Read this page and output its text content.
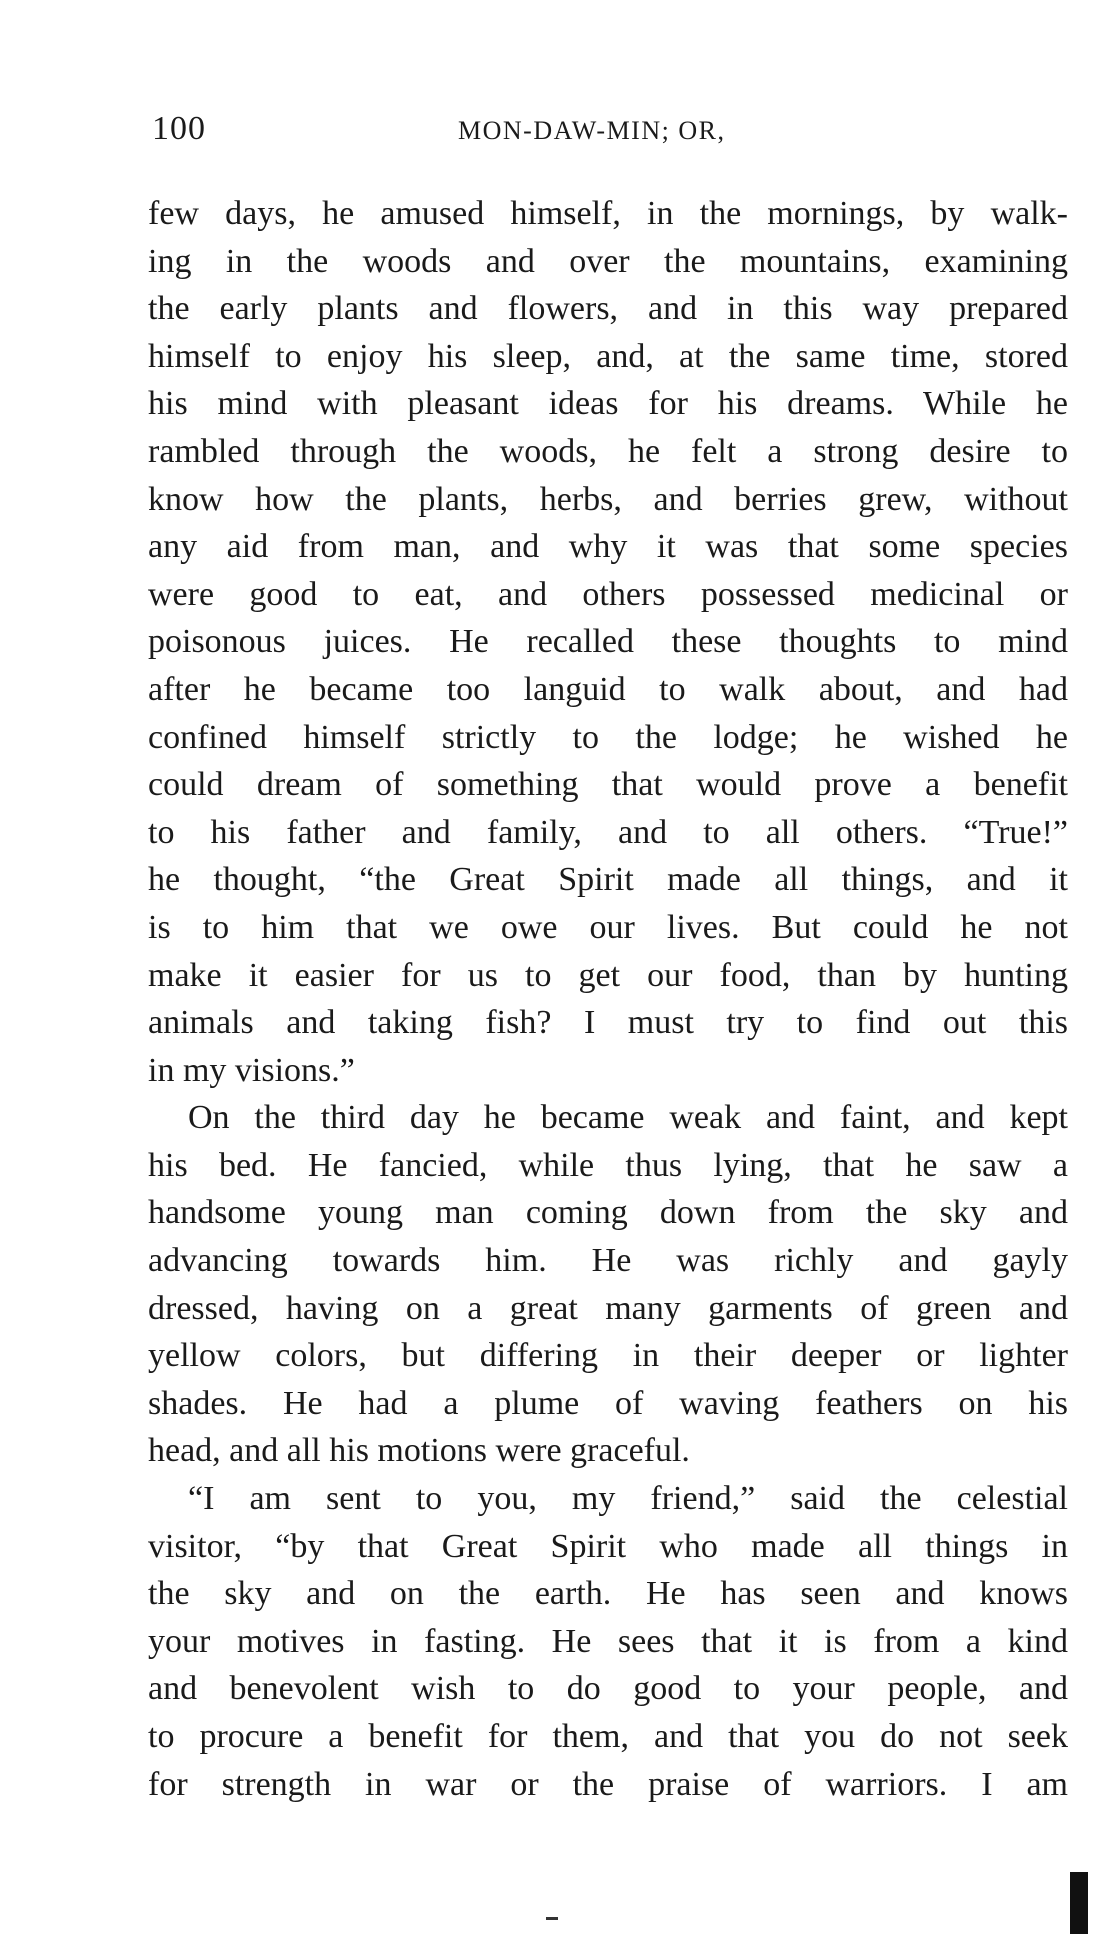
100	MON-DAW-MIN; OR,

few days, he amused himself, in the mornings, by walk-
ing in the woods and over the mountains, examining
the early plants and flowers, and in this way prepared
himself to enjoy his sleep, and, at the same time, stored
his mind with pleasant ideas for his dreams. While he
rambled through the woods, he felt a strong desire to
know how the plants, herbs, and berries grew, without
any aid from man, and why it was that some species
were good to eat, and others possessed medicinal or
poisonous juices. He recalled these thoughts to mind
after he became too languid to walk about, and had
confined himself strictly to the lodge; he wished he
could dream of something that would prove a benefit
to his father and family, and to all others. “True!”
he thought, “the Great Spirit made all things, and it
is to him that we owe our lives. But could he not
make it easier for us to get our food, than by hunting
animals and taking fish? I must try to find out this
in my visions.”

On the third day he became weak and faint, and kept
his bed. He fancied, while thus lying, that he saw a
handsome young man coming down from the sky and
advancing towards him. He was richly and gayly
dressed, having on a great many garments of green and
yellow colors, but differing in their deeper or lighter
shades. He had a plume of waving feathers on his
head, and all his motions were graceful.

“I am sent to you, my friend,” said the celestial
visitor, “by that Great Spirit who made all things in
the sky and on the earth. He has seen and knows
your motives in fasting. He sees that it is from a kind
and benevolent wish to do good to your people, and
to procure a benefit for them, and that you do not seek
for strength in war or the praise of warriors. I am
